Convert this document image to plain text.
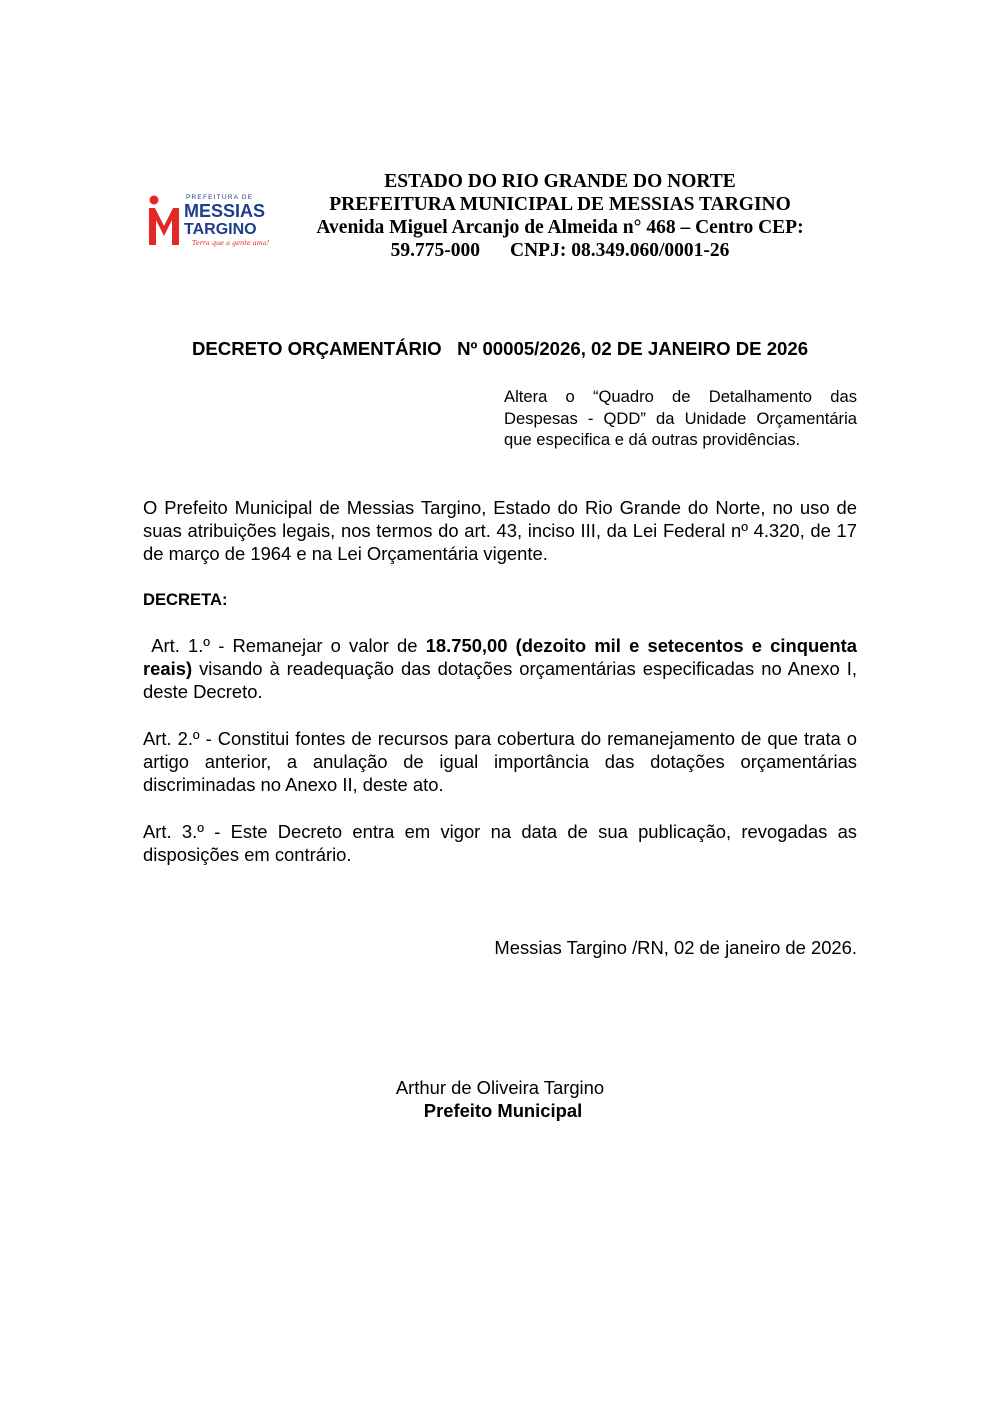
PREFEITURA DE
MESSIAS
TARGINO
Terra que a gente ama!
ESTADO DO RIO GRANDE DO NORTE
PREFEITURA MUNICIPAL DE MESSIAS TARGINO
Avenida Miguel Arcanjo de Almeida n° 468 – Centro CEP:
59.775-000 CNPJ: 08.349.060/0001-26
DECRETO ORÇAMENTÁRIO   Nº 00005/2026, 02 DE JANEIRO DE 2026
Altera o “Quadro de Detalhamento das Despesas - QDD” da Unidade Orçamentária que especifica e dá outras providências.
O Prefeito Municipal de Messias Targino, Estado do Rio Grande do Norte, no uso de suas atribuições legais, nos termos do art. 43, inciso III, da Lei Federal nº 4.320, de 17 de março de 1964 e na Lei Orçamentária vigente.
DECRETA:
Art. 1.º - Remanejar o valor de 18.750,00 (dezoito mil e setecentos e cinquenta reais) visando à readequação das dotações orçamentárias especificadas no Anexo I, deste Decreto.
Art. 2.º - Constitui fontes de recursos para cobertura do remanejamento de que trata o artigo anterior, a anulação de igual importância das dotações orçamentárias discriminadas no Anexo II, deste ato.
Art. 3.º - Este Decreto entra em vigor na data de sua publicação, revogadas as disposições em contrário.
Messias Targino /RN, 02 de janeiro de 2026.
Arthur de Oliveira Targino
Prefeito Municipal
